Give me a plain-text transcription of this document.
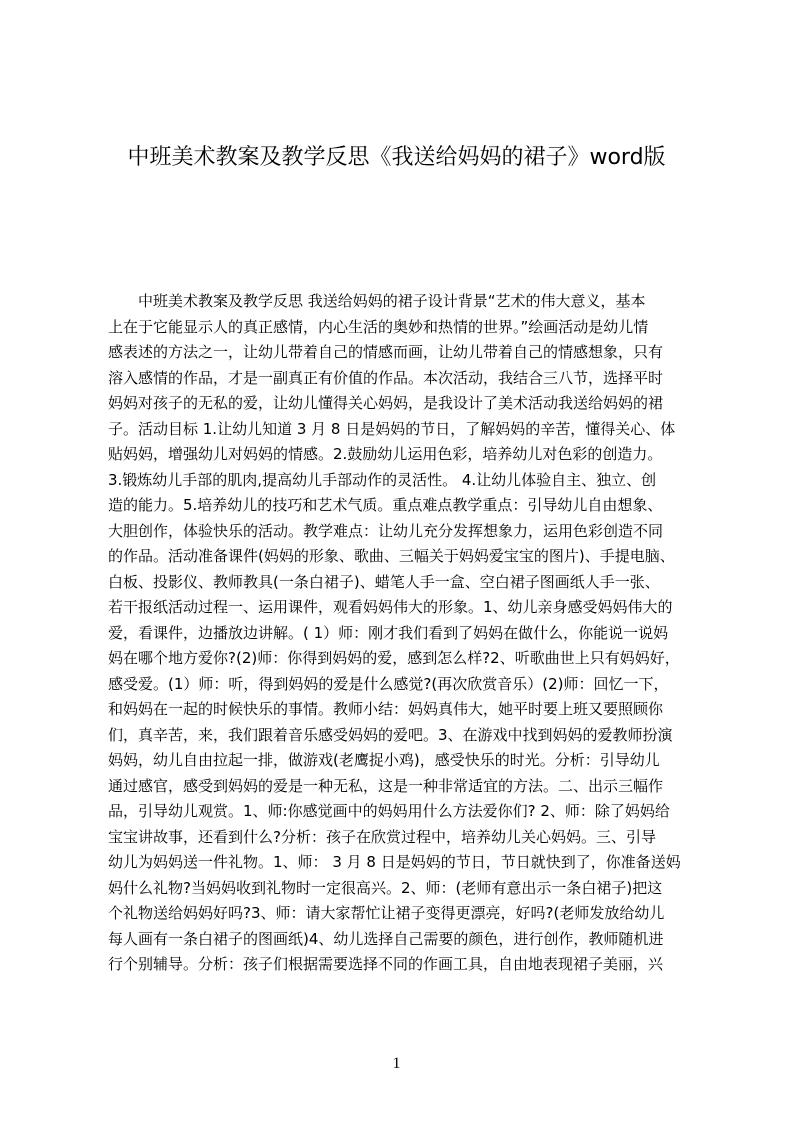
中班美术教案及教学反思《我送给妈妈的裙子》word版
　　中班美术教案及教学反思 我送给妈妈的裙子设计背景“艺术的伟大意义，基本
上在于它能显示人的真正感情，内心生活的奥妙和热情的世界。”绘画活动是幼儿情
感表述的方法之一，让幼儿带着自己的情感而画，让幼儿带着自己的情感想象，只有
溶入感情的作品，才是一副真正有价值的作品。本次活动，我结合三八节，选择平时
妈妈对孩子的无私的爱，让幼儿懂得关心妈妈，是我设计了美术活动我送给妈妈的裙
子。活动目标 1.让幼儿知道 3 月 8 日是妈妈的节日，了解妈妈的辛苦，懂得关心、体
贴妈妈，增强幼儿对妈妈的情感。2.鼓励幼儿运用色彩，培养幼儿对色彩的创造力。
3.锻炼幼儿手部的肌肉,提高幼儿手部动作的灵活性。 4.让幼儿体验自主、独立、创
造的能力。5.培养幼儿的技巧和艺术气质。重点难点教学重点：引导幼儿自由想象、
大胆创作，体验快乐的活动。教学难点：让幼儿充分发挥想象力，运用色彩创造不同
的作品。活动准备课件(妈妈的形象、歌曲、三幅关于妈妈爱宝宝的图片)、手提电脑、
白板、投影仪、教师教具(一条白裙子)、蜡笔人手一盒、空白裙子图画纸人手一张、
若干报纸活动过程一、运用课件，观看妈妈伟大的形象。1、幼儿亲身感受妈妈伟大的
爱，看课件，边播放边讲解。( 1）师：刚才我们看到了妈妈在做什么，你能说一说妈
妈在哪个地方爱你?(2)师：你得到妈妈的爱，感到怎么样?2、听歌曲世上只有妈妈好，
感受爱。(1）师：听，得到妈妈的爱是什么感觉?(再次欣赏音乐）(2)师：回忆一下，
和妈妈在一起的时候快乐的事情。教师小结：妈妈真伟大，她平时要上班又要照顾你
们，真辛苦，来，我们跟着音乐感受妈妈的爱吧。3、在游戏中找到妈妈的爱教师扮演
妈妈，幼儿自由拉起一排，做游戏(老鹰捉小鸡)，感受快乐的时光。分析：引导幼儿
通过感官，感受到妈妈的爱是一种无私，这是一种非常适宜的方法。二、出示三幅作
品，引导幼儿观赏。1、师:你感觉画中的妈妈用什么方法爱你们? 2、师：除了妈妈给
宝宝讲故事，还看到什么?分析：孩子在欣赏过程中，培养幼儿关心妈妈。三、引导
幼儿为妈妈送一件礼物。1、师： 3 月 8 日是妈妈的节日，节日就快到了，你准备送妈
妈什么礼物?当妈妈收到礼物时一定很高兴。2、师：(老师有意出示一条白裙子)把这
个礼物送给妈妈好吗?3、师：请大家帮忙让裙子变得更漂亮，好吗?(老师发放给幼儿
每人画有一条白裙子的图画纸)4、幼儿选择自己需要的颜色，进行创作，教师随机进
行个别辅导。分析：孩子们根据需要选择不同的作画工具，自由地表现裙子美丽，兴
1
